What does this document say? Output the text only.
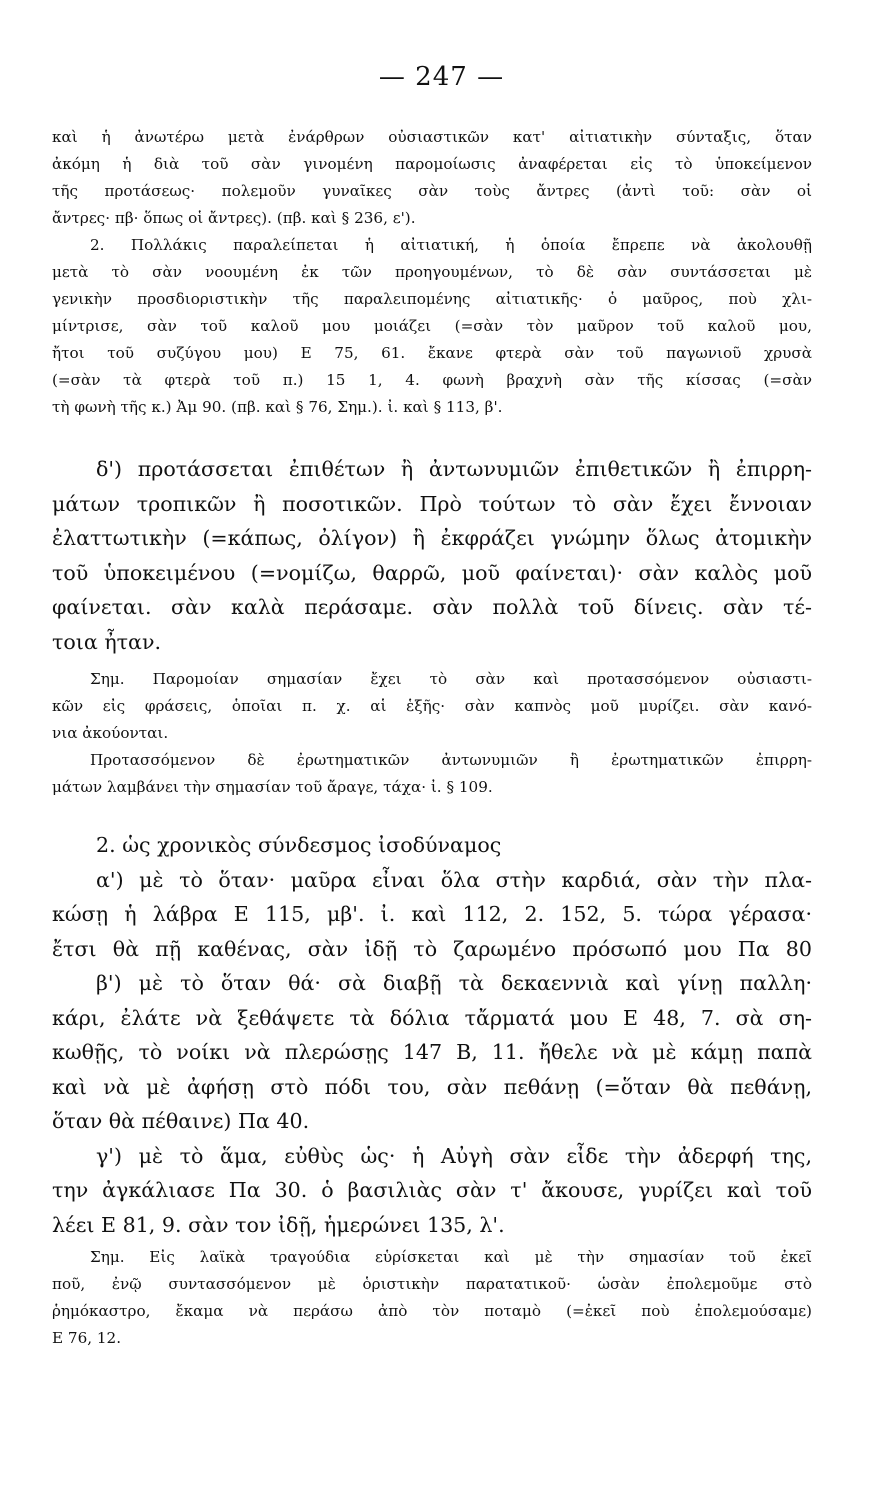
— 247 —
καὶ ἡ ἀνωτέρω μετὰ ἐνάρθρων οὐσιαστικῶν κατ' αἰτιατικὴν σύνταξις, ὅταν
ἀκόμη ἡ διὰ τοῦ σὰν γινομένη παρομοίωσις ἀναφέρεται εἰς τὸ ὑποκείμενον
τῆς προτάσεως· πολεμοῦν γυναῖκες σὰν τοὺς ἄντρες (ἀντὶ τοῦ: σὰν οἱ
ἄντρες· πβ· ὅπως οἱ ἄντρες). (πβ. καὶ § 236, ε').
2. Πολλάκις παραλείπεται ἡ αἰτιατική, ἡ ὁποία ἔπρεπε νὰ ἀκολουθῇ
μετὰ τὸ σὰν νοουμένη ἐκ τῶν προηγουμένων, τὸ δὲ σὰν συντάσσεται μὲ
γενικὴν προσδιοριστικὴν τῆς παραλειπομένης αἰτιατικῆς· ὁ μαῦρος, ποὺ χλι-
μίντρισε, σὰν τοῦ καλοῦ μου μοιάζει (=σὰν τὸν μαῦρον τοῦ καλοῦ μου,
ἤτοι τοῦ συζύγου μου) Ε 75, 61. ἔκανε φτερὰ σὰν τοῦ παγωνιοῦ χρυσὰ
(=σὰν τὰ φτερὰ τοῦ π.) 15 1, 4. φωνὴ βραχνὴ σὰν τῆς κίσσας (=σὰν
τὴ φωνὴ τῆς κ.) Ἀμ 90. (πβ. καὶ § 76, Σημ.). ἰ. καὶ § 113, β'.
δ') προτάσσεται ἐπιθέτων ἢ ἀντωνυμιῶν ἐπιθετικῶν ἢ ἐπιρρη-
μάτων τροπικῶν ἢ ποσοτικῶν. Πρὸ τούτων τὸ σὰν ἔχει ἔννοιαν
ἐλαττωτικὴν (=κάπως, ὀλίγον) ἢ ἐκφράζει γνώμην ὅλως ἀτομικὴν
τοῦ ὑποκειμένου (=νομίζω, θαρρῶ, μοῦ φαίνεται)· σὰν καλὸς μοῦ
φαίνεται. σὰν καλὰ περάσαμε. σὰν πολλὰ τοῦ δίνεις. σὰν τέ-
τοια ἦταν.
Σημ. Παρομοίαν σημασίαν ἔχει τὸ σὰν καὶ προτασσόμενον οὐσιαστι-
κῶν εἰς φράσεις, ὁποῖαι π. χ. αἱ ἑξῆς· σὰν καπνὸς μοῦ μυρίζει. σὰν κανό-
νια ἀκούονται.
Προτασσόμενον δὲ ἐρωτηματικῶν ἀντωνυμιῶν ἢ ἐρωτηματικῶν ἐπιρρη-
μάτων λαμβάνει τὴν σημασίαν τοῦ ἄραγε, τάχα· ἰ. § 109.
2. ὡς χρονικὸς σύνδεσμος ἰσοδύναμος
α') μὲ τὸ ὅταν· μαῦρα εἶναι ὅλα στὴν καρδιά, σὰν τὴν πλα-
κώσῃ ἡ λάβρα Ε 115, μβ'. ἰ. καὶ 112, 2. 152, 5. τώρα γέρασα·
ἔτσι θὰ πῇ καθένας, σὰν ἰδῇ τὸ ζαρωμένο πρόσωπό μου Πα 80
β') μὲ τὸ ὅταν θά· σὰ διαβῇ τὰ δεκαεννιὰ καὶ γίνῃ παλλη·
κάρι, ἐλάτε νὰ ξεθάψετε τὰ δόλια τἄρματά μου Ε 48, 7. σὰ ση-
κωθῇς, τὸ νοίκι νὰ πλερώσῃς 147 Β, 11. ἤθελε νὰ μὲ κάμῃ παπὰ
καὶ νὰ μὲ ἀφήσῃ στὸ πόδι του, σὰν πεθάνῃ (=ὅταν θὰ πεθάνῃ,
ὅταν θὰ πέθαινε) Πα 40.
γ') μὲ τὸ ἅμα, εὐθὺς ὡς· ἡ Αὐγὴ σὰν εἶδε τὴν ἀδερφή της,
την ἀγκάλιασε Πα 30. ὁ βασιλιὰς σὰν τ' ἄκουσε, γυρίζει καὶ τοῦ
λέει Ε 81, 9. σὰν τον ἰδῇ, ἡμερώνει 135, λ'.
Σημ. Εἰς λαϊκὰ τραγούδια εὑρίσκεται καὶ μὲ τὴν σημασίαν τοῦ ἐκεῖ
ποῦ, ἐνῷ συντασσόμενον μὲ ὁριστικὴν παρατατικοῦ· ὡσὰν ἐπολεμοῦμε στὸ
ῥημόκαστρο, ἔκαμα νὰ περάσω ἀπὸ τὸν ποταμὸ (=ἐκεῖ ποὺ ἐπολεμούσαμε)
Ε 76, 12.
